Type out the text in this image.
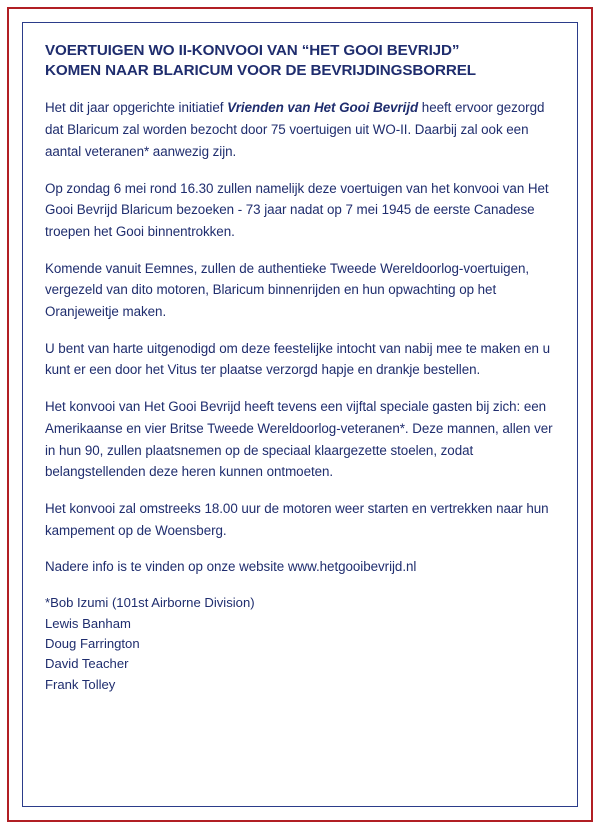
VOERTUIGEN WO II-KONVOOI VAN “HET GOOI BEVRIJD”
KOMEN NAAR BLARICUM VOOR DE BEVRIJDINGSBORREL

Het dit jaar opgerichte initiatief Vrienden van Het Gooi Bevrijd heeft ervoor gezorgd dat Blaricum zal worden bezocht door 75 voertuigen uit WO-II. Daarbij zal ook een aantal veteranen* aanwezig zijn.

Op zondag 6 mei rond 16.30 zullen namelijk deze voertuigen van het konvooi van Het Gooi Bevrijd Blaricum bezoeken - 73 jaar nadat op 7 mei 1945 de eerste Canadese troepen het Gooi binnentrokken.

Komende vanuit Eemnes, zullen de authentieke Tweede Wereldoorlog-voertuigen, vergezeld van dito motoren, Blaricum binnenrijden en hun opwachting op het Oranjeweitje maken.

U bent van harte uitgenodigd om deze feestelijke intocht van nabij mee te maken en u kunt er een door het Vitus ter plaatse verzorgd hapje en drankje bestellen.

Het konvooi van Het Gooi Bevrijd heeft tevens een vijftal speciale gasten bij zich: een Amerikaanse en vier Britse Tweede Wereldoorlog-veteranen*. Deze mannen, allen ver in hun 90, zullen plaatsnemen op de speciaal klaargezette stoelen, zodat belangstellenden deze heren kunnen ontmoeten.

Het konvooi zal omstreeks 18.00 uur de motoren weer starten en vertrekken naar hun kampement op de Woensberg.

Nadere info is te vinden op onze website www.hetgooibevrijd.nl

*Bob Izumi (101st Airborne Division)
Lewis Banham
Doug Farrington
David Teacher
Frank Tolley
